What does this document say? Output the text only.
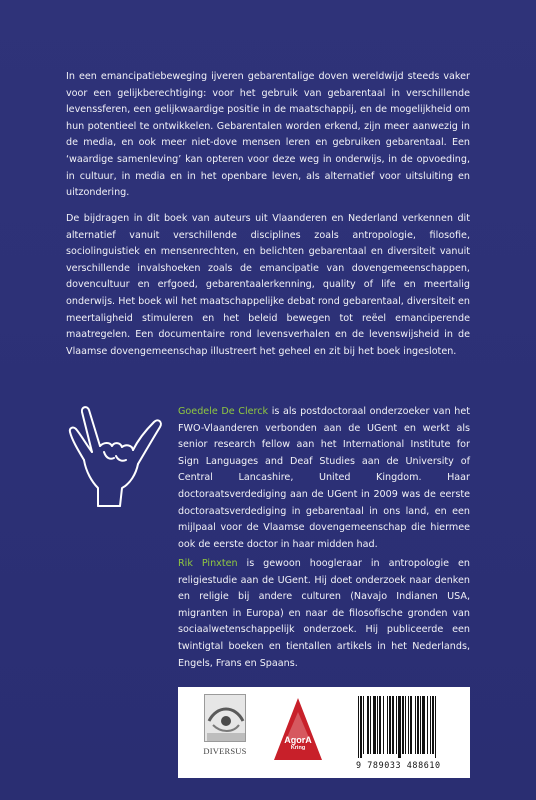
In een emancipatiebeweging ijveren gebarentalige doven wereldwijd steeds vaker voor een gelijkberechtiging: voor het gebruik van gebarentaal in verschillende levenssferen, een gelijkwaardige positie in de maatschappij, en de mogelijkheid om hun potentieel te ontwikkelen. Gebarentalen worden erkend, zijn meer aanwezig in de media, en ook meer niet-dove mensen leren en gebruiken gebarentaal. Een ‘waardige samenleving’ kan opteren voor deze weg in onderwijs, in de opvoeding, in cultuur, in media en in het openbare leven, als alternatief voor uitsluiting en uitzondering.

De bijdragen in dit boek van auteurs uit Vlaanderen en Nederland verkennen dit alternatief vanuit verschillende disciplines zoals antropologie, filosofie, sociolinguistiek en mensenrechten, en belichten gebarentaal en diversiteit vanuit verschillende invalshoeken zoals de emancipatie van dovengemeenschappen, dovencultuur en erfgoed, gebarentaalerkenning, quality of life en meertalig onderwijs. Het boek wil het maatschappelijke debat rond gebarentaal, diversiteit en meertaligheid stimuleren en het beleid bewegen tot reëel emanciperende maatregelen. Een documentaire rond levensverhalen en de levenswijsheid in de Vlaamse dovengemeenschap illustreert het geheel en zit bij het boek ingesloten.

Goedele De Clerck is als postdoctoraal onderzoeker van het FWO-Vlaanderen verbonden aan de UGent en werkt als senior research fellow aan het International Institute for Sign Languages and Deaf Studies aan de University of Central Lancashire, United Kingdom. Haar doctoraatsverdediging aan de UGent in 2009 was de eerste doctoraatsverdediging in gebarentaal in ons land, en een mijlpaal voor de Vlaamse dovengemeenschap die hiermee ook de eerste doctor in haar midden had.

Rik Pinxten is gewoon hoogleraar in antropologie en religiestudie aan de UGent. Hij doet onderzoek naar denken en religie bij andere culturen (Navajo Indianen USA, migranten in Europa) en naar de filosofische gronden van sociaalwetenschappelijk onderzoek. Hij publiceerde een twintigtal boeken en tientallen artikels in het Nederlands, Engels, Frans en Spaans.

DIVERSUS
AgorA
Kring
9 789033 488610
